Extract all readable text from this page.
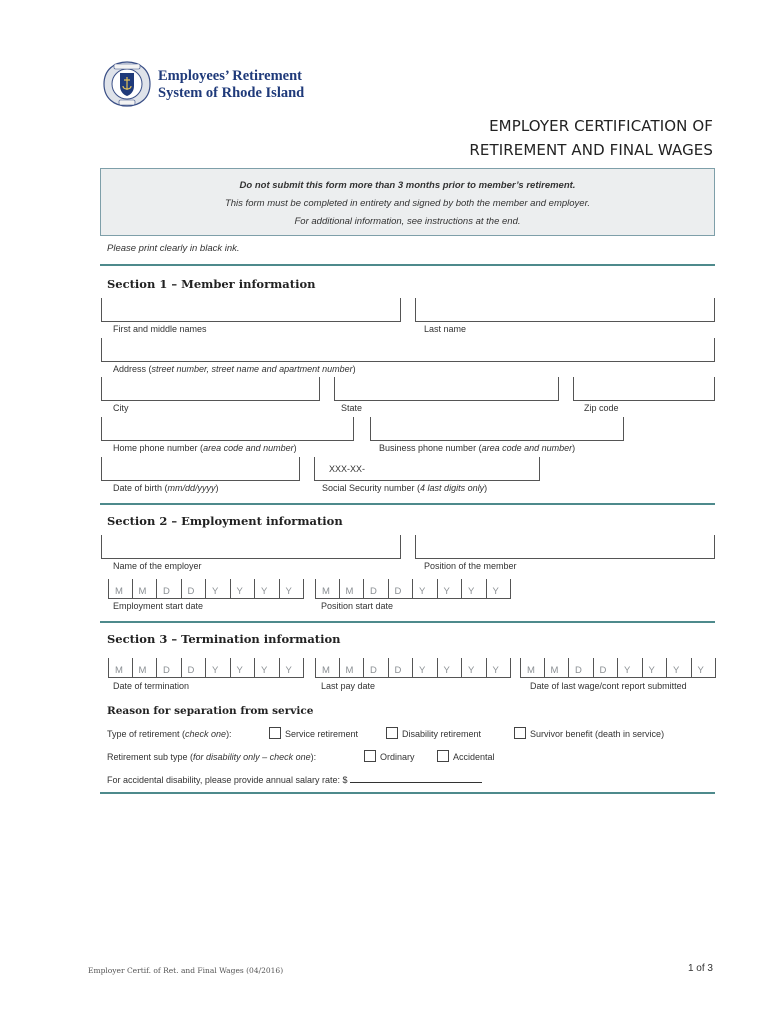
Employees’ Retirement
System of Rhode Island
EMPLOYER CERTIFICATION OF
RETIREMENT AND FINAL WAGES
Do not submit this form more than 3 months prior to member’s retirement.
This form must be completed in entirety and signed by both the member and employer.
For additional information, see instructions at the end.
Please print clearly in black ink.
Section 1 – Member information
First and middle names	Last name
Address (street number, street name and apartment number)
City	State	Zip code
Home phone number (area code and number)	Business phone number (area code and number)
XXX-XX-
Date of birth (mm/dd/yyyy)	Social Security number (4 last digits only)
Section 2 – Employment information
Name of the employer	Position of the member
M M D D Y Y Y Y	M M D D Y Y Y Y
Employment start date	Position start date
Section 3 – Termination information
M M D D Y Y Y Y	M M D D Y Y Y Y	M M D D Y Y Y Y
Date of termination	Last pay date	Date of last wage/cont report submitted
Reason for separation from service
Type of retirement (check one):	Service retirement	Disability retirement	Survivor benefit (death in service)
Retirement sub type (for disability only – check one):	Ordinary	Accidental
For accidental disability, please provide annual salary rate: $
Employer Certif. of Ret. and Final Wages (04/2016)	1 of 3
